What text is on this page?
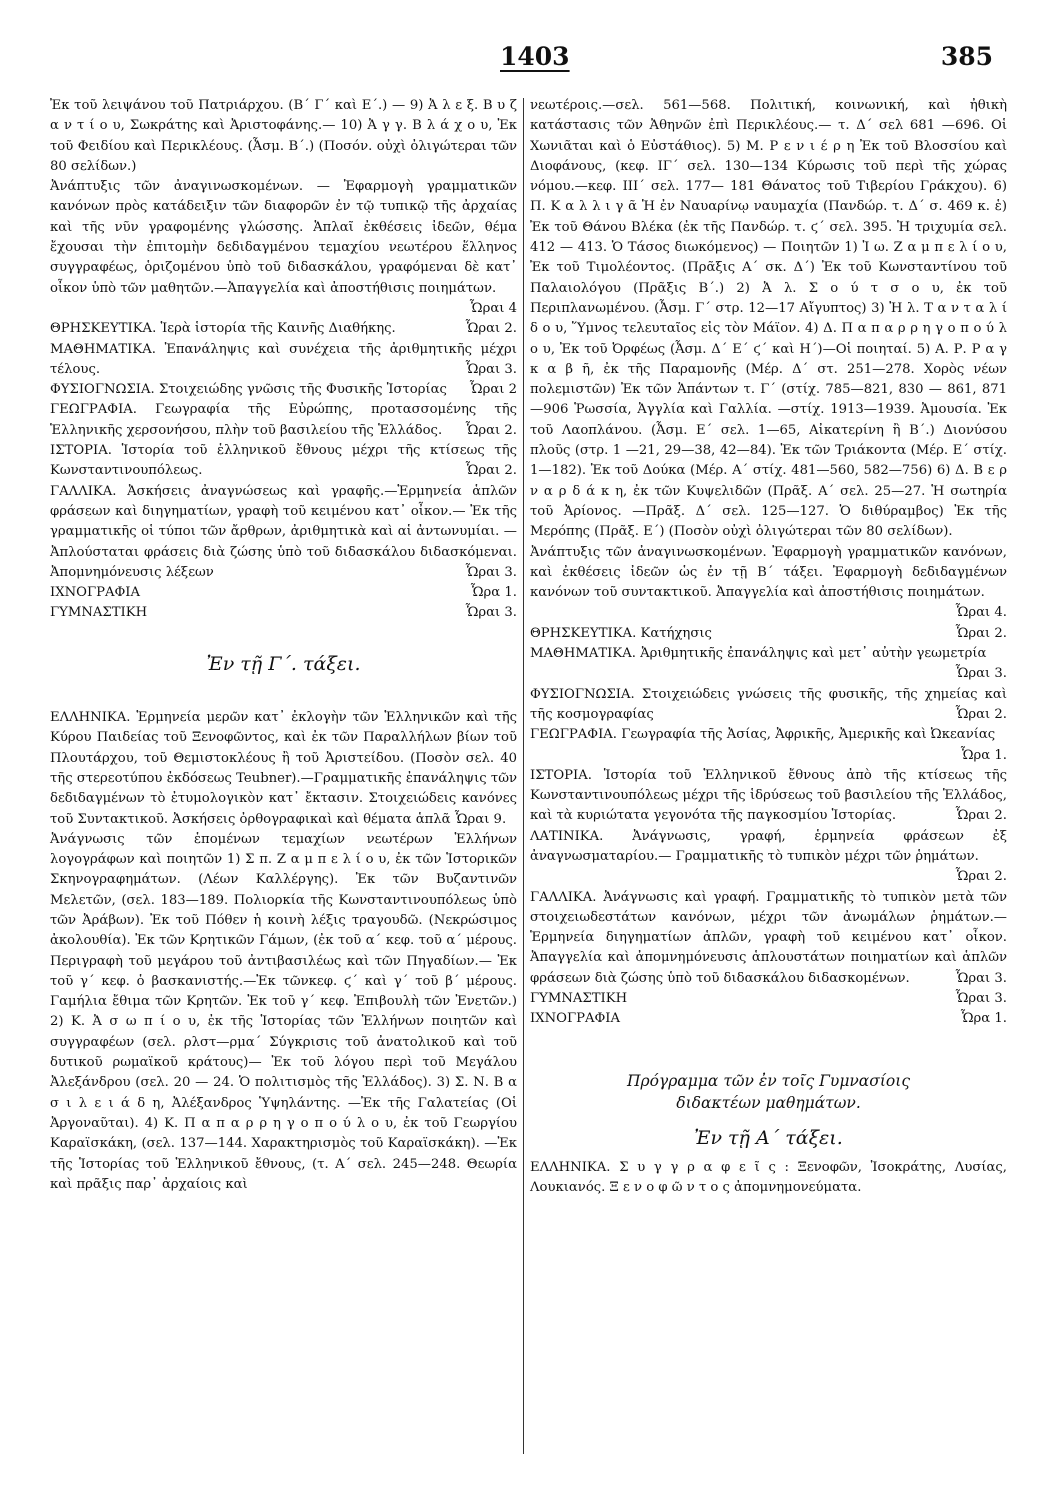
1403	385

Ἐκ τοῦ λειψάνου τοῦ Πατριάρχου. (Β΄ Γ΄ καὶ Ε΄.) — 9) Ἀ λ ε ξ. Β υ ζ α ν τ ί ο υ, Σωκράτης καὶ Ἀριστοφάνης.— 10) Ἀ γ γ. Β λ ά χ ο υ, Ἐκ τοῦ Φειδίου καὶ Περικλέους. (Ἆσμ. Β΄.) (Ποσόν. οὐχὶ ὀλιγώτεραι τῶν 80 σελίδων.)

Ἀνάπτυξις τῶν ἀναγινωσκομένων. — Ἐφαρμογὴ γραμματικῶν κανόνων πρὸς κατάδειξιν τῶν διαφορῶν ἐν τῷ τυπικῷ τῆς ἀρχαίας καὶ τῆς νῦν γραφομένης γλώσσης. Ἁπλαῖ ἐκθέσεις ἰδεῶν, θέμα ἔχουσαι τὴν ἐπιτομὴν δεδιδαγμένου τεμαχίου νεωτέρου ἕλληνος συγγραφέως, ὁριζομένου ὑπὸ τοῦ διδασκάλου, γραφόμεναι δὲ κατ᾽ οἶκον ὑπὸ τῶν μαθητῶν.—Ἀπαγγελία καὶ ἀποστήθισις ποιημάτων.
Ὧραι 4

ΘΡΗΣΚΕΥΤΙΚΑ. Ἱερὰ ἱστορία τῆς Καινῆς Διαθήκης.	Ὧραι 2.

ΜΑΘΗΜΑΤΙΚΑ. Ἐπανάληψις καὶ συνέχεια τῆς ἀριθμητικῆς μέχρι τέλους.	Ὧραι 3.

ΦΥΣΙΟΓΝΩΣΙΑ. Στοιχειώδης γνῶσις τῆς Φυσικῆς Ἱστορίας Ὧραι 2

ΓΕΩΓΡΑΦΙΑ. Γεωγραφία τῆς Εὐρώπης, προτασσομένης τῆς Ἑλληνικῆς χερσονήσου, πλὴν τοῦ βασιλείου τῆς Ἑλλάδος. Ὧραι 2.

ΙΣΤΟΡΙΑ. Ἱστορία τοῦ ἑλληνικοῦ ἔθνους μέχρι τῆς κτίσεως τῆς Κωνσταντινουπόλεως.	Ὧραι 2.

ΓΑΛΛΙΚΑ. Ἀσκήσεις ἀναγνώσεως καὶ γραφῆς.—Ἑρμηνεία ἁπλῶν φράσεων καὶ διηγηματίων, γραφὴ τοῦ κειμένου κατ᾽ οἶκον.— Ἐκ τῆς γραμματικῆς οἱ τύποι τῶν ἄρθρων, ἀριθμητικὰ καὶ αἱ ἀντωνυμίαι. —Ἀπλούσταται φράσεις διὰ ζώσης ὑπὸ τοῦ διδασκάλου διδασκόμεναι. Ἀπομνημόνευσις λέξεων	Ὧραι 3.

ΙΧΝΟΓΡΑΦΙΑ	Ὧρα 1.

ΓΥΜΝΑΣΤΙΚΗ	Ὧραι 3.

Ἐν τῇ Γ΄. τάξει.

ΕΛΛΗΝΙΚΑ. Ἑρμηνεία μερῶν κατ᾽ ἐκλογὴν τῶν Ἑλληνικῶν καὶ τῆς Κύρου Παιδείας τοῦ Ξενοφῶντος, καὶ ἐκ τῶν Παραλλήλων βίων τοῦ Πλουτάρχου, τοῦ Θεμιστοκλέους ἢ τοῦ Ἀριστείδου. (Ποσὸν σελ. 40 τῆς στερεοτύπου ἐκδόσεως Teubner).—Γραμματικῆς ἐπανάληψις τῶν δεδιδαγμένων τὸ ἐτυμολογικὸν κατ᾽ ἔκτασιν. Στοιχειώδεις κανόνες τοῦ Συντακτικοῦ. Ἀσκήσεις ὀρθογραφικαὶ καὶ θέματα ἁπλᾶ Ὧραι 9.

Ἀνάγνωσις τῶν ἑπομένων τεμαχίων νεωτέρων Ἑλλήνων λογογράφων καὶ ποιητῶν 1) Σ π. Ζ α μ π ε λ ί ο υ, ἐκ τῶν Ἱστορικῶν Σκηνογραφημάτων. (Λέων Καλλέργης). Ἐκ τῶν Βυζαντινῶν Μελετῶν, (σελ. 183—189. Πολιορκία τῆς Κωνσταντινουπόλεως ὑπὸ τῶν Ἀράβων). Ἐκ τοῦ Πόθεν ἡ κοινὴ λέξις τραγουδῶ. (Νεκρώσιμος ἀκολουθία). Ἐκ τῶν Κρητικῶν Γάμων, (ἐκ τοῦ α΄ κεφ. τοῦ α΄ μέρους. Περιγραφὴ τοῦ μεγάρου τοῦ ἀντιβασιλέως καὶ τῶν Πηγαδίων.— Ἐκ τοῦ γ΄ κεφ. ὁ βασκανιστής.—Ἐκ τῶνκεφ. ϛ΄ καὶ γ΄ τοῦ β΄ μέρους. Γαμήλια ἔθιμα τῶν Κρητῶν. Ἐκ τοῦ γ΄ κεφ. Ἐπιβουλὴ τῶν Ἐνετῶν.) 2) Κ. Ἀ σ ω π ί ο υ, ἐκ τῆς Ἱστορίας τῶν Ἑλλήνων ποιητῶν καὶ συγγραφέων (σελ. ρλστ—ρμα΄ Σύγκρισις τοῦ ἀνατολικοῦ καὶ τοῦ δυτικοῦ ρωμαϊκοῦ κράτους)— Ἐκ τοῦ λόγου περὶ τοῦ Μεγάλου Ἀλεξάνδρου (σελ. 20 — 24. Ὁ πολιτισμὸς τῆς Ἑλλάδος). 3) Σ. Ν. Β α σ ι λ ε ι ά δ η, Ἀλέξανδρος Ὑψηλάντης. —Ἐκ τῆς Γαλατείας (Οἱ Ἀργοναῦται). 4) Κ. Π α π α ρ ρ η γ ο π ο ύ λ ο υ, ἐκ τοῦ Γεωργίου Καραϊσκάκη, (σελ. 137—144. Χαρακτηρισμὸς τοῦ Καραϊσκάκη). —Ἐκ τῆς Ἱστορίας τοῦ Ἑλληνικοῦ ἔθνους, (τ. Α΄ σελ. 245—248. Θεωρία καὶ πρᾶξις παρ᾽ ἀρχαίοις καὶ

νεωτέροις.—σελ. 561—568. Πολιτική, κοινωνική, καὶ ἠθικὴ κατάστασις τῶν Ἀθηνῶν ἐπὶ Περικλέους.— τ. Δ΄ σελ 681 —696. Οἱ Χωνιᾶται καὶ ὁ Εὐστάθιος). 5) Μ. Ρ ε ν ι έ ρ η Ἐκ τοῦ Βλοσσίου καὶ Διοφάνους, (κεφ. ΙΓ΄ σελ. 130—134 Κύρωσις τοῦ περὶ τῆς χώρας νόμου.—κεφ. ΙΙΙ΄ σελ. 177— 181 Θάνατος τοῦ Τιβερίου Γράκχου). 6) Π. Κ α λ λ ι γ ᾶ Ἡ ἐν Ναυαρίνῳ ναυμαχία (Πανδώρ. τ. Δ΄ σ. 469 κ. ἑ) Ἐκ τοῦ Θάνου Βλέκα (ἐκ τῆς Πανδώρ. τ. ϛ΄ σελ. 395. Ἡ τριχυμία σελ. 412 — 413. Ὁ Τάσος διωκόμενος) — Ποιητῶν 1) Ἰ ω. Ζ α μ π ε λ ί ο υ, Ἐκ τοῦ Τιμολέοντος. (Πρᾶξις Α΄ σκ. Δ΄) Ἐκ τοῦ Κωνσταντίνου τοῦ Παλαιολόγου (Πρᾶξις Β΄.) 2) Ἀ λ. Σ ο ύ τ σ ο υ, ἐκ τοῦ Περιπλανωμένου. (Ἆσμ. Γ΄ στρ. 12—17 Αἴγυπτος) 3) Ἠ λ. Τ α ν τ α λ ί δ ο υ, Ὕμνος τελευταῖος εἰς τὸν Μάϊον. 4) Δ. Π α π α ρ ρ η γ ο π ο ύ λ ο υ, Ἐκ τοῦ Ὀρφέως (Ἆσμ. Δ΄ Ε΄ ϛ΄ καὶ Η΄)—Οἱ ποιηταί. 5) Α. Ρ. Ρ α γ κ α β ῆ, ἐκ τῆς Παραμονῆς (Μέρ. Δ΄ στ. 251—278. Χορὸς νέων πολεμιστῶν) Ἐκ τῶν Ἁπάντων τ. Γ΄ (στίχ. 785—821, 830 — 861, 871—906 Ῥωσσία, Ἀγγλία καὶ Γαλλία. —στίχ. 1913—1939. Ἀμουσία. Ἐκ τοῦ Λαοπλάνου. (Ἆσμ. Ε΄ σελ. 1—65, Αἰκατερίνη ἢ Β΄.) Διονύσου πλοῦς (στρ. 1 —21, 29—38, 42—84). Ἐκ τῶν Τριάκοντα (Μέρ. Ε΄ στίχ. 1—182). Ἐκ τοῦ Δούκα (Μέρ. Α΄ στίχ. 481—560, 582—756) 6) Δ. Β ε ρ ν α ρ δ ά κ η, ἐκ τῶν Κυψελιδῶν (Πρᾶξ. Α΄ σελ. 25—27. Ἡ σωτηρία τοῦ Ἀρίονος. —Πρᾶξ. Δ΄ σελ. 125—127. Ὁ διθύραμβος) Ἐκ τῆς Μερόπης (Πρᾶξ. Ε΄) (Ποσὸν οὐχὶ ὀλιγώτεραι τῶν 80 σελίδων).

Ἀνάπτυξις τῶν ἀναγινωσκομένων. Ἐφαρμογὴ γραμματικῶν κανόνων, καὶ ἐκθέσεις ἰδεῶν ὡς ἐν τῇ Β΄ τάξει. Ἐφαρμογὴ δεδιδαγμένων κανόνων τοῦ συντακτικοῦ. Ἀπαγγελία καὶ ἀποστήθισις ποιημάτων.
Ὧραι 4.

ΘΡΗΣΚΕΥΤΙΚΑ. Κατήχησις	Ὧραι 2.

ΜΑΘΗΜΑΤΙΚΑ. Ἀριθμητικῆς ἐπανάληψις καὶ μετ᾽ αὐτὴν γεωμετρία
Ὧραι 3.

ΦΥΣΙΟΓΝΩΣΙΑ. Στοιχειώδεις γνώσεις τῆς φυσικῆς, τῆς χημείας καὶ τῆς κοσμογραφίας	Ὧραι 2.

ΓΕΩΓΡΑΦΙΑ. Γεωγραφία τῆς Ἀσίας, Ἀφρικῆς, Ἀμερικῆς καὶ Ὠκεανίας
Ὧρα 1.

ΙΣΤΟΡΙΑ. Ἱστορία τοῦ Ἑλληνικοῦ ἔθνους ἀπὸ τῆς κτίσεως τῆς Κωνσταντινουπόλεως μέχρι τῆς ἱδρύσεως τοῦ βασιλείου τῆς Ἑλλάδος, καὶ τὰ κυριώτατα γεγονότα τῆς παγκοσμίου Ἱστορίας.	Ὧραι 2.

ΛΑΤΙΝΙΚΑ. Ἀνάγνωσις, γραφή, ἑρμηνεία φράσεων ἐξ ἀναγνωσματαρίου.— Γραμματικῆς τὸ τυπικὸν μέχρι τῶν ῥημάτων.
Ὧραι 2.

ΓΑΛΛΙΚΑ. Ἀνάγνωσις καὶ γραφή. Γραμματικῆς τὸ τυπικὸν μετὰ τῶν στοιχειωδεστάτων κανόνων, μέχρι τῶν ἀνωμάλων ῥημάτων.—Ἑρμηνεία διηγηματίων ἁπλῶν, γραφὴ τοῦ κειμένου κατ᾽ οἶκον. Ἀπαγγελία καὶ ἀπομνημόνευσις ἁπλουστάτων ποιηματίων καὶ ἁπλῶν φράσεων διὰ ζώσης ὑπὸ τοῦ διδασκάλου διδασκομένων.	Ὧραι 3.

ΓΥΜΝΑΣΤΙΚΗ	Ὧραι 3.

ΙΧΝΟΓΡΑΦΙΑ	Ὧρα 1.

Πρόγραμμα τῶν ἐν τοῖς Γυμνασίοις
διδακτέων μαθημάτων.

Ἐν τῇ Α΄ τάξει.

ΕΛΛΗΝΙΚΑ. Σ υ γ γ ρ α φ ε ῖ ς : Ξενοφῶν, Ἰσοκράτης, Λυσίας, Λουκιανός. Ξ ε ν ο φ ῶ ν τ ο ς ἀπομνημονεύματα.
